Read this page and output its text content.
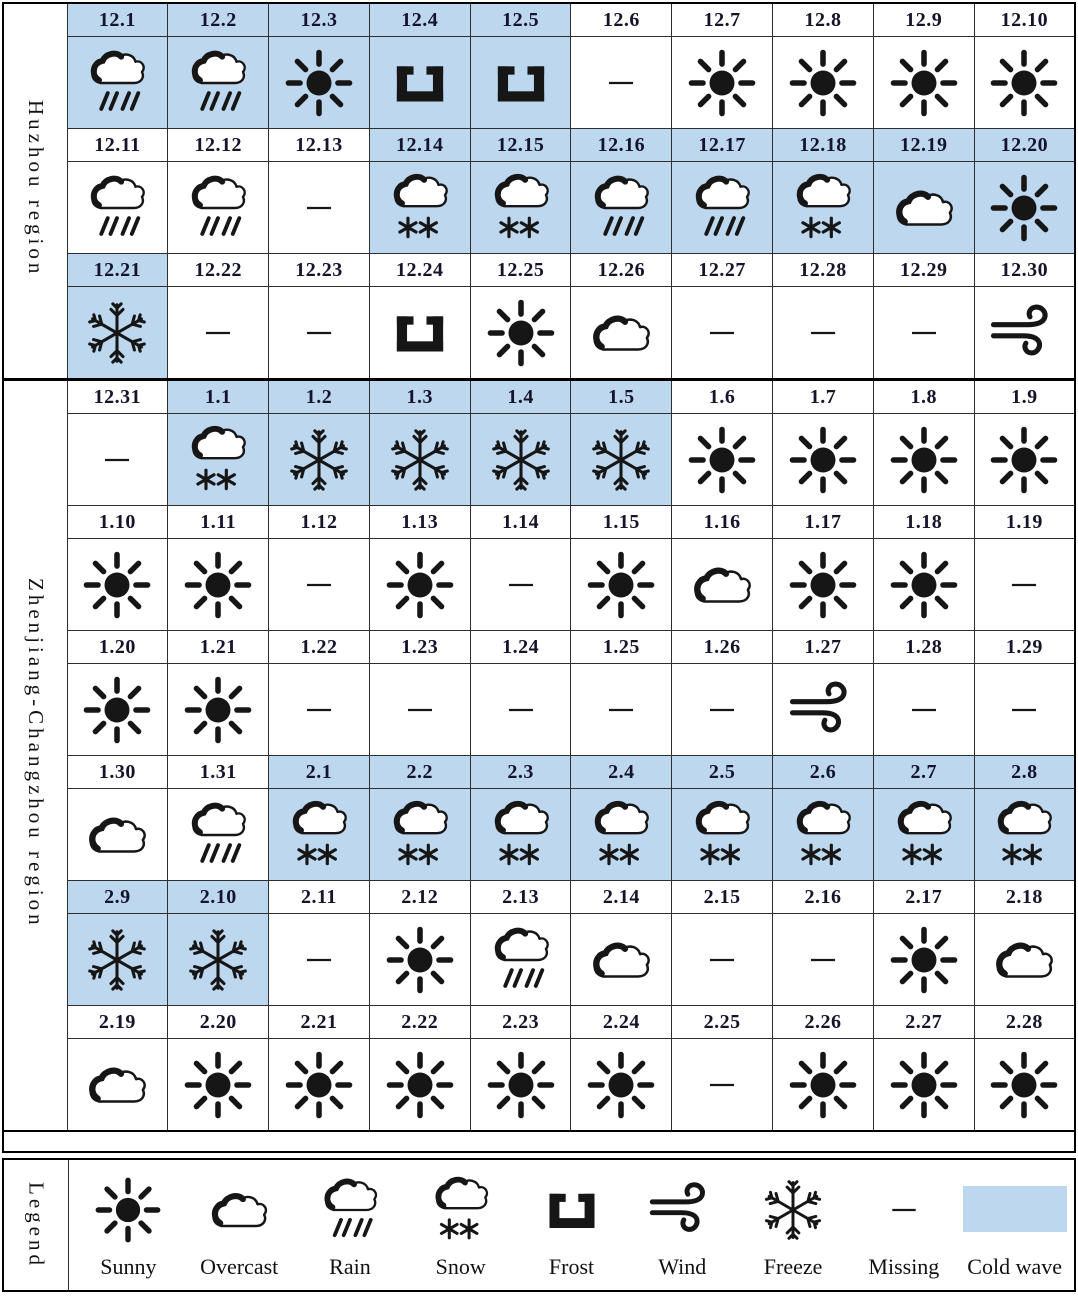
Huzhou region	12.1	12.2	12.3	12.4	12.5	12.6	12.7	12.8	12.9	12.10

	12.11	12.12	12.13	12.14	12.15	12.16	12.17	12.18	12.19	12.20

	12.21	12.22	12.23	12.24	12.25	12.26	12.27	12.28	12.29	12.30

Zhenjiang-Changzhou region	12.31	1.1	1.2	1.3	1.4	1.5	1.6	1.7	1.8	1.9

	1.10	1.11	1.12	1.13	1.14	1.15	1.16	1.17	1.18	1.19

	1.20	1.21	1.22	1.23	1.24	1.25	1.26	1.27	1.28	1.29

	1.30	1.31	2.1	2.2	2.3	2.4	2.5	2.6	2.7	2.8

	2.9	2.10	2.11	2.12	2.13	2.14	2.15	2.16	2.17	2.18

	2.19	2.20	2.21	2.22	2.23	2.24	2.25	2.26	2.27	2.28

Legend Sunny Overcast Rain	Snow	Frost	Wind	Freeze Missing Cold wave
